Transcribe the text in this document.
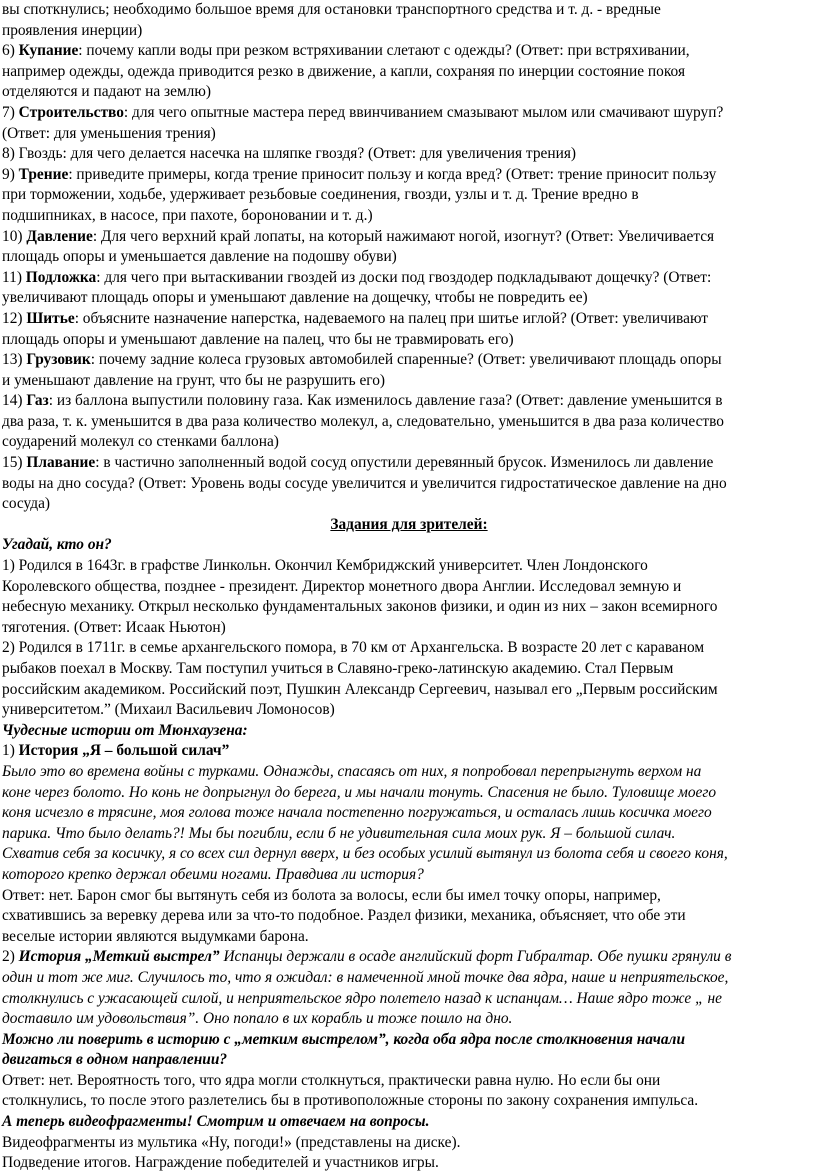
вы споткнулись; необходимо большое время для остановки транспортного средства и т. д. - вредные
проявления инерции)
6) Купание: почему капли воды при резком встряхивании слетают с одежды? (Ответ: при встряхивании,
например одежды, одежда приводится резко в движение, а капли, сохраняя по инерции состояние покоя
отделяются и падают на землю)
7) Строительство: для чего опытные мастера перед ввинчиванием смазывают мылом или смачивают шуруп?
(Ответ: для уменьшения трения)
8) Гвоздь: для чего делается насечка на шляпке гвоздя? (Ответ: для увеличения трения)
9) Трение: приведите примеры, когда трение приносит пользу и когда вред? (Ответ: трение приносит пользу
при торможении, ходьбе, удерживает резьбовые соединения, гвозди, узлы и т. д. Трение вредно в
подшипниках, в насосе, при пахоте, бороновании и т. д.)
10) Давление: Для чего верхний край лопаты, на который нажимают ногой, изогнут? (Ответ: Увеличивается
площадь опоры и уменьшается давление на подошву обуви)
11) Подложка: для чего при вытаскивании гвоздей из доски под гвоздодер подкладывают дощечку? (Ответ:
увеличивают площадь опоры и уменьшают давление на дощечку, чтобы не повредить ее)
12) Шитье: объясните назначение наперстка, надеваемого на палец при шитье иглой? (Ответ: увеличивают
площадь опоры и уменьшают давление на палец, что бы не травмировать его)
13) Грузовик: почему задние колеса грузовых автомобилей спаренные? (Ответ: увеличивают площадь опоры
и уменьшают давление на грунт, что бы не разрушить его)
14) Газ: из баллона выпустили половину газа. Как изменилось давление газа? (Ответ: давление уменьшится в
два раза, т. к. уменьшится в два раза количество молекул, а, следовательно, уменьшится в два раза количество
соударений молекул со стенками баллона)
15) Плавание: в частично заполненный водой сосуд опустили деревянный брусок. Изменилось ли давление
воды на дно сосуда? (Ответ: Уровень воды сосуде увеличится и увеличится гидростатическое давление на дно
сосуда)
Задания для зрителей:
Угадай, кто он?
1) Родился в 1643г. в графстве Линкольн. Окончил Кембриджский университет. Член Лондонского
Королевского общества, позднее - президент. Директор монетного двора Англии. Исследовал земную и
небесную механику. Открыл несколько фундаментальных законов физики, и один из них – закон всемирного
тяготения. (Ответ: Исаак Ньютон)
2) Родился в 1711г. в семье архангельского помора, в 70 км от Архангельска. В возрасте 20 лет с караваном
рыбаков поехал в Москву. Там поступил учиться в Славяно-греко-латинскую академию. Стал Первым
российским академиком. Российский поэт, Пушкин Александр Сергеевич, называл его „Первым российским
университетом.” (Михаил Васильевич Ломоносов)
Чудесные истории от Мюнхаузена:
1) История „Я – большой силач”
Было это во времена войны с турками. Однажды, спасаясь от них, я попробовал перепрыгнуть верхом на
коне через болото. Но конь не допрыгнул до берега, и мы начали тонуть. Спасения не было. Туловище моего
коня исчезло в трясине, моя голова тоже начала постепенно погружаться, и осталась лишь косичка моего
парика. Что было делать?! Мы бы погибли, если б не удивительная сила моих рук. Я – большой силач.
Схватив себя за косичку, я со всех сил дернул вверх, и без особых усилий вытянул из болота себя и своего коня,
которого крепко держал обеими ногами. Правдива ли история?
Ответ: нет. Барон смог бы вытянуть себя из болота за волосы, если бы имел точку опоры, например,
схватившись за веревку дерева или за что-то подобное. Раздел физики, механика, объясняет, что обе эти
веселые истории являются выдумками барона.
2) История „Меткий выстрел” Испанцы держали в осаде английский форт Гибралтар. Обе пушки грянули в
один и тот же миг. Случилось то, что я ожидал: в намеченной мной точке два ядра, наше и неприятельское,
столкнулись с ужасающей силой, и неприятельское ядро полетело назад к испанцам… Наше ядро тоже „ не
доставило им удовольствия”. Оно попало в их корабль и тоже пошло на дно.
Можно ли поверить в историю с „метким выстрелом”, когда оба ядра после столкновения начали
двигаться в одном направлении?
Ответ: нет. Вероятность того, что ядра могли столкнуться, практически равна нулю. Но если бы они
столкнулись, то после этого разлетелись бы в противоположные стороны по закону сохранения импульса.
А теперь видеофрагменты! Смотрим и отвечаем на вопросы.
Видеофрагменты из мультика «Ну, погоди!» (представлены на диске).
Подведение итогов. Награждение победителей и участников игры.
